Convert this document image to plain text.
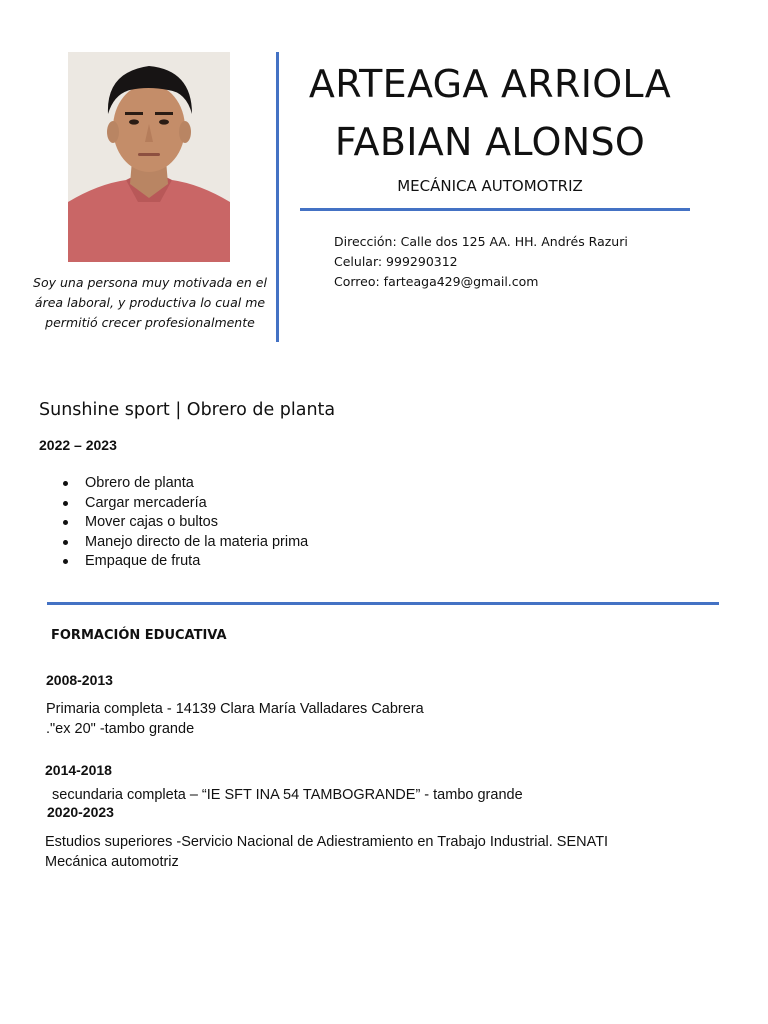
Soy una persona muy motivada en el área laboral, y productiva lo cual me permitió crecer profesionalmente
ARTEAGA ARRIOLA
FABIAN ALONSO
MECÁNICA AUTOMOTRIZ
Dirección: Calle dos 125 AA. HH. Andrés Razuri
Celular: 999290312
Correo: farteaga429@gmail.com
Sunshine sport | Obrero de planta
2022 – 2023
Obrero de planta
Cargar mercadería
Mover cajas o bultos
Manejo directo de la materia prima
Empaque de fruta
FORMACIÓN EDUCATIVA
2008-2013
Primaria completa - 14139 Clara María Valladares Cabrera
."ex 20" -tambo grande
2014-2018
secundaria completa – “IE SFT INA 54 TAMBOGRANDE” - tambo grande
2020-2023
Estudios superiores -Servicio Nacional de Adiestramiento en Trabajo Industrial. SENATI
Mecánica automotriz
